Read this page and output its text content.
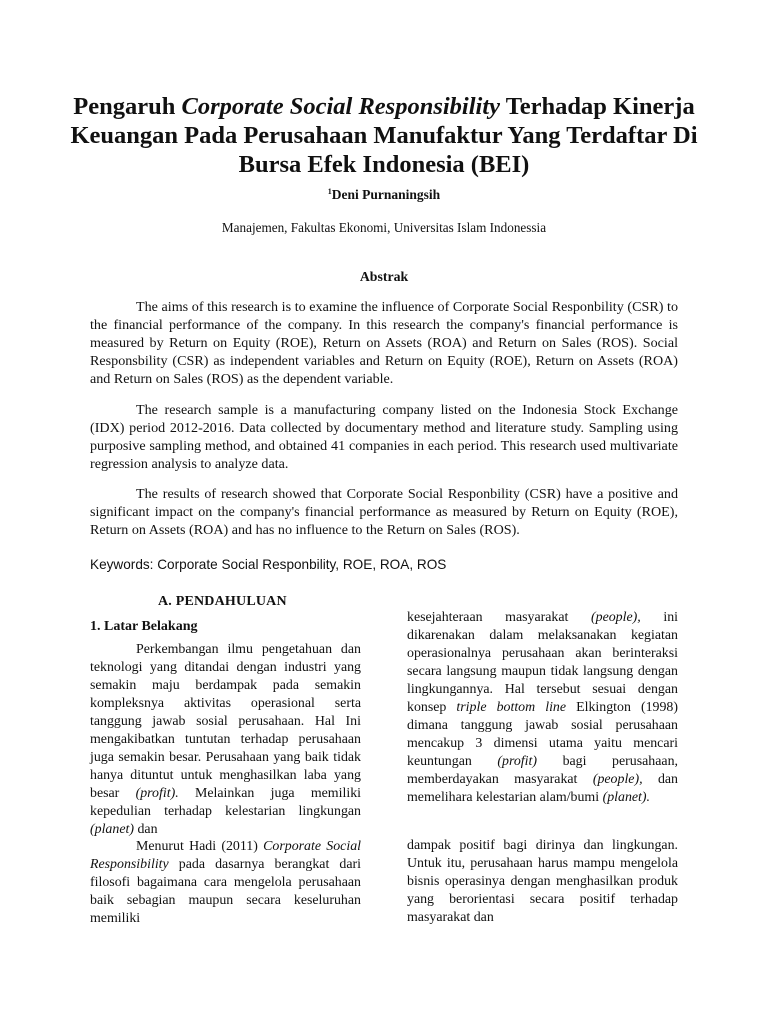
Pengaruh Corporate Social Responsibility Terhadap Kinerja Keuangan Pada Perusahaan Manufaktur Yang Terdaftar Di Bursa Efek Indonesia (BEI)
$^1$Deni Purnaningsih
Manajemen, Fakultas Ekonomi, Universitas Islam Indonessia
Abstrak

The aims of this research is to examine the influence of Corporate Social Responbility (CSR) to the financial performance of the company. In this research the company's financial performance is measured by Return on Equity (ROE), Return on Assets (ROA) and Return on Sales (ROS). Social Responsbility (CSR) as independent variables and Return on Equity (ROE), Return on Assets (ROA) and Return on Sales (ROS) as the dependent variable.

The research sample is a manufacturing company listed on the Indonesia Stock Exchange (IDX) period 2012-2016. Data collected by documentary method and literature study. Sampling using purposive sampling method, and obtained 41 companies in each period. This research used multivariate regression analysis to analyze data.

The results of research showed that Corporate Social Responbility (CSR) have a positive and significant impact on the company's financial performance as measured by Return on Equity (ROE), Return on Assets (ROA) and has no influence to the Return on Sales (ROS).

Keywords: Corporate Social Responbility, ROE, ROA, ROS
A. PENDAHULUAN
1. Latar Belakang

Perkembangan ilmu pengetahuan dan teknologi yang ditandai dengan industri yang semakin maju berdampak pada semakin kompleksnya aktivitas operasional serta tanggung jawab sosial perusahaan. Hal Ini mengakibatkan tuntutan terhadap perusahaan juga semakin besar. Perusahaan yang baik tidak hanya dituntut untuk menghasilkan laba yang besar (profit). Melainkan juga memiliki kepedulian terhadap kelestarian lingkungan (planet) dan

Menurut Hadi (2011) Corporate Social Responsibility pada dasarnya berangkat dari filosofi bagaimana cara mengelola perusahaan baik sebagian maupun secara keseluruhan memiliki

kesejahteraan masyarakat (people), ini dikarenakan dalam melaksanakan kegiatan operasionalnya perusahaan akan berinteraksi secara langsung maupun tidak langsung dengan lingkungannya. Hal tersebut sesuai dengan konsep triple bottom line Elkington (1998) dimana tanggung jawab sosial perusahaan mencakup 3 dimensi utama yaitu mencari keuntungan (profit) bagi perusahaan, memberdayakan masyarakat (people), dan memelihara kelestarian alam/bumi (planet).

dampak positif bagi dirinya dan lingkungan. Untuk itu, perusahaan harus mampu mengelola bisnis operasinya dengan menghasilkan produk yang berorientasi secara positif terhadap masyarakat dan
